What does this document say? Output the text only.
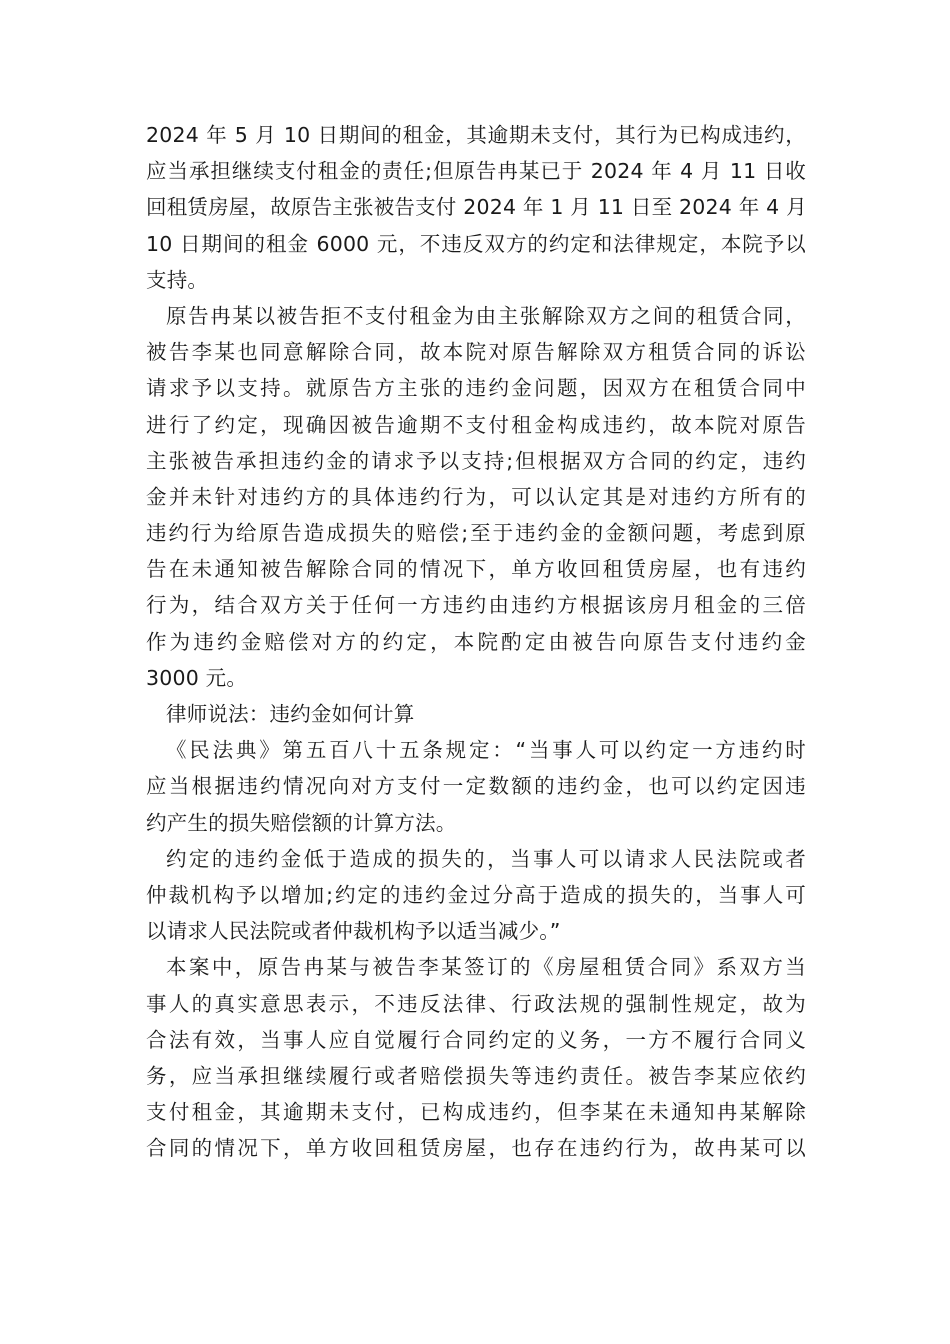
2024 年 5 月 10 日期间的租金，其逾期未支付，其行为已构成违约，
应当承担继续支付租金的责任;但原告冉某已于 2024 年 4 月 11 日收
回租赁房屋，故原告主张被告支付 2024 年 1 月 11 日至 2024 年 4 月
10 日期间的租金 6000 元，不违反双方的约定和法律规定，本院予以
支持。
原告冉某以被告拒不支付租金为由主张解除双方之间的租赁合同，
被告李某也同意解除合同，故本院对原告解除双方租赁合同的诉讼
请求予以支持。就原告方主张的违约金问题，因双方在租赁合同中
进行了约定，现确因被告逾期不支付租金构成违约，故本院对原告
主张被告承担违约金的请求予以支持;但根据双方合同的约定，违约
金并未针对违约方的具体违约行为，可以认定其是对违约方所有的
违约行为给原告造成损失的赔偿;至于违约金的金额问题，考虑到原
告在未通知被告解除合同的情况下，单方收回租赁房屋，也有违约
行为，结合双方关于任何一方违约由违约方根据该房月租金的三倍
作为违约金赔偿对方的约定，本院酌定由被告向原告支付违约金
3000 元。
律师说法：违约金如何计算
《民法典》第五百八十五条规定：“当事人可以约定一方违约时
应当根据违约情况向对方支付一定数额的违约金，也可以约定因违
约产生的损失赔偿额的计算方法。
约定的违约金低于造成的损失的，当事人可以请求人民法院或者
仲裁机构予以增加;约定的违约金过分高于造成的损失的，当事人可
以请求人民法院或者仲裁机构予以适当减少。”
本案中，原告冉某与被告李某签订的《房屋租赁合同》系双方当
事人的真实意思表示，不违反法律、行政法规的强制性规定，故为
合法有效，当事人应自觉履行合同约定的义务，一方不履行合同义
务，应当承担继续履行或者赔偿损失等违约责任。被告李某应依约
支付租金，其逾期未支付，已构成违约，但李某在未通知冉某解除
合同的情况下，单方收回租赁房屋，也存在违约行为，故冉某可以
